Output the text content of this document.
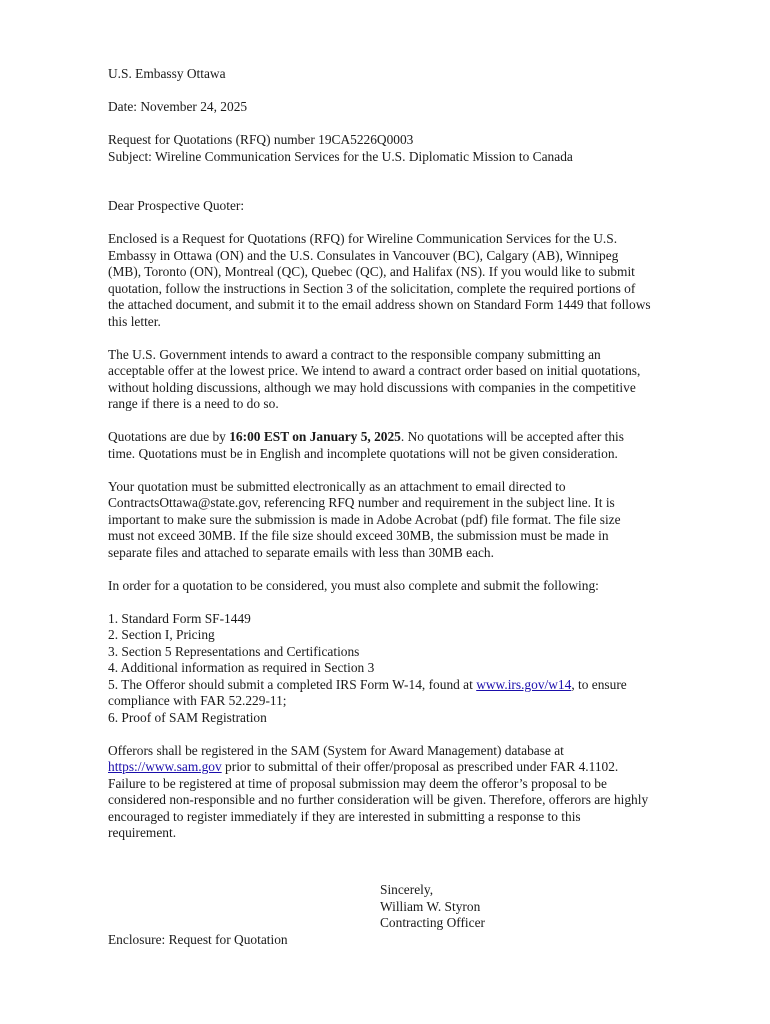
U.S. Embassy Ottawa

Date: November 24, 2025

Request for Quotations (RFQ) number 19CA5226Q0003

Subject: Wireline Communication Services for the U.S. Diplomatic Mission to Canada

Dear Prospective Quoter:

Enclosed is a Request for Quotations (RFQ) for Wireline Communication Services for the U.S.
Embassy in Ottawa (ON) and the U.S. Consulates in Vancouver (BC), Calgary (AB), Winnipeg
(MB), Toronto (ON), Montreal (QC), Quebec (QC), and Halifax (NS). If you would like to submit
quotation, follow the instructions in Section 3 of the solicitation, complete the required portions of
the attached document, and submit it to the email address shown on Standard Form 1449 that follows
this letter.
The U.S. Government intends to award a contract to the responsible company submitting an
acceptable offer at the lowest price. We intend to award a contract order based on initial quotations,
without holding discussions, although we may hold discussions with companies in the competitive
range if there is a need to do so.
Quotations are due by 16:00 EST on January 5, 2025. No quotations will be accepted after this
time. Quotations must be in English and incomplete quotations will not be given consideration.
Your quotation must be submitted electronically as an attachment to email directed to
ContractsOttawa@state.gov, referencing RFQ number and requirement in the subject line. It is
important to make sure the submission is made in Adobe Acrobat (pdf) file format. The file size
must not exceed 30MB. If the file size should exceed 30MB, the submission must be made in
separate files and attached to separate emails with less than 30MB each.

In order for a quotation to be considered, you must also complete and submit the following:

1. Standard Form SF-1449
2. Section I, Pricing
3. Section 5 Representations and Certifications
4. Additional information as required in Section 3
5. The Offeror should submit a completed IRS Form W-14, found at www.irs.gov/w14, to ensure
compliance with FAR 52.229-11;
6. Proof of SAM Registration
Offerors shall be registered in the SAM (System for Award Management) database at
https://www.sam.gov prior to submittal of their offer/proposal as prescribed under FAR 4.1102.
Failure to be registered at time of proposal submission may deem the offeror’s proposal to be
considered non-responsible and no further consideration will be given. Therefore, offerors are highly
encouraged to register immediately if they are interested in submitting a response to this
requirement.
Sincerely,
William W. Styron
Contracting Officer
Enclosure: Request for Quotation
